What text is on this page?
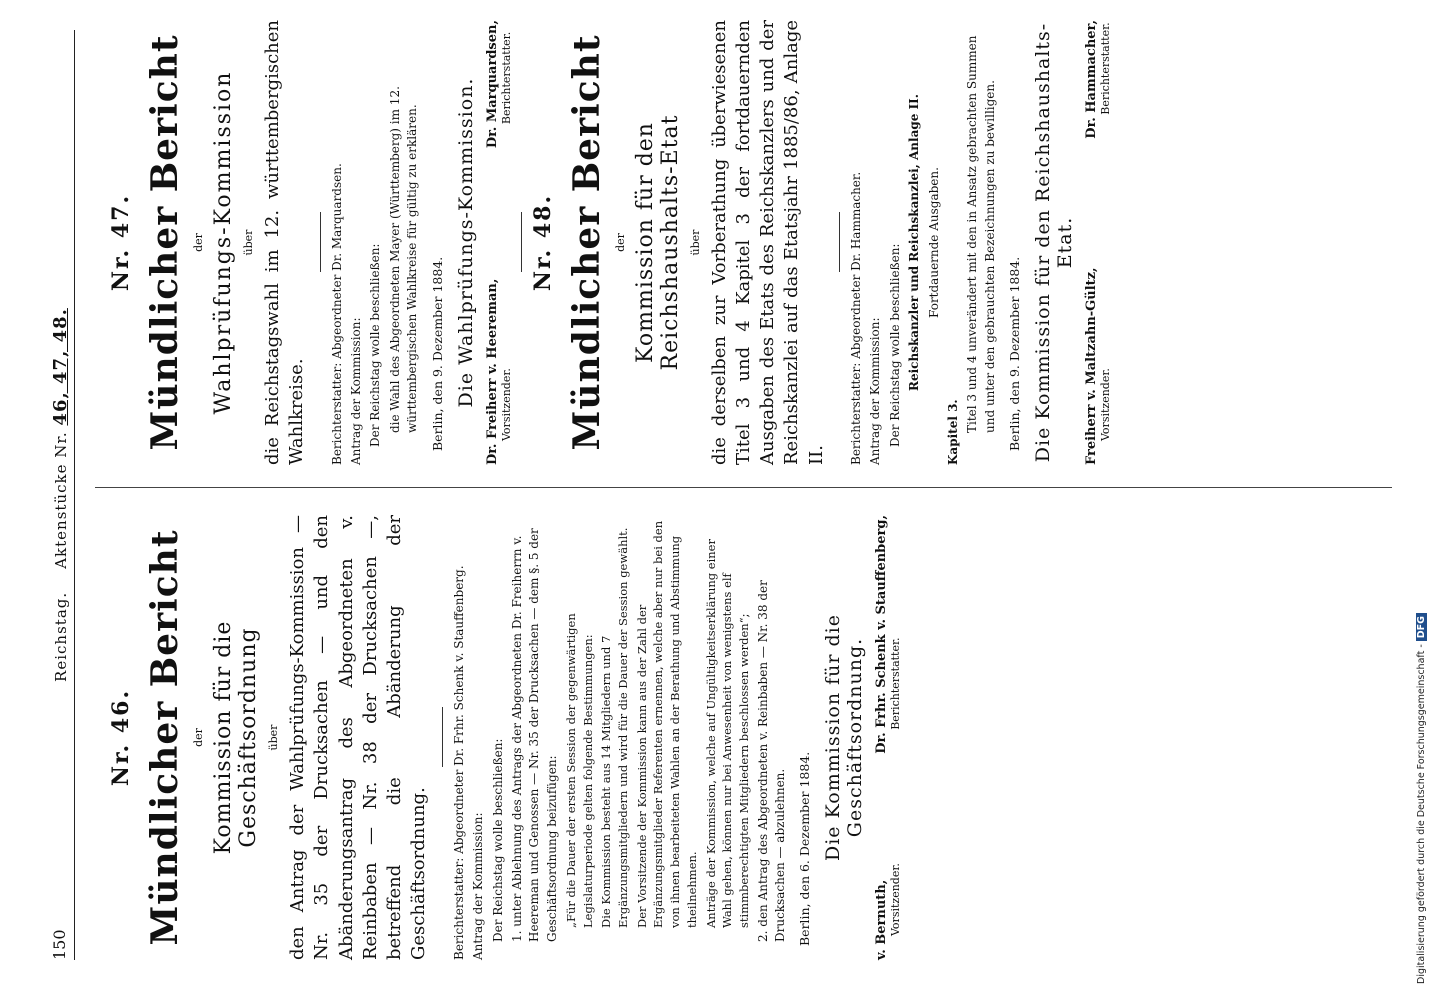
150
Reichstag.    Aktenstücke Nr. 46, 47, 48.
Nr. 46. Mündlicher Bericht der Kommission für die Geschäftsordnung über den Antrag der Wahlprüfungs-Kommission — Nr. 35 der Drucksachen — und den Abänderungsantrag des Abgeordneten v. Reinbaben — Nr. 38 der Drucksachen —, betreffend die Abänderung der Geschäftsordnung. Berichterstatter: Abgeordneter Dr. Frhr. Schenk v. Stauffenberg. Antrag der Kommission: Der Reichstag wolle beschließen: 1. unter Ablehnung des Antrags der Abgeordneten Dr. Freiherrn v. Heereman und Genossen — Nr. 35 der Drucksachen — dem §. 5 der Geschäftsordnung beizufügen: „Für die Dauer der ersten Session der gegenwärtigen Legislaturperiode gelten folgende Bestimmungen: Die Kommission besteht aus 14 Mitgliedern und 7 Ergänzungsmitgliedern und wird für die Dauer der Session gewählt. Der Vorsitzende der Kommission kann aus der Zahl der Ergänzungsmitglieder Referenten ernennen, welche aber nur bei den von ihnen bearbeiteten Wahlen an der Berathung und Abstimmung theilnehmen. Anträge der Kommission, welche auf Ungültigkeitserklärung einer Wahl gehen, können nur bei Anwesenheit von wenigstens elf stimmberechtigten Mitgliedern beschlossen werden“; 2. den Antrag des Abgeordneten v. Reinbaben — Nr. 38 der Drucksachen — abzulehnen. Berlin, den 6. Dezember 1884. Die Kommission für die Geschäftsordnung.
v. Bernuth, Vorsitzender.
Dr. Frhr. Schenk v. Stauffenberg, Berichterstatter.
Nr. 47. Mündlicher Bericht der Wahlprüfungs-Kommission über die Reichstagswahl im 12. württembergischen Wahlkreise. Berichterstatter: Abgeordneter Dr. Marquardsen. Antrag der Kommission: Der Reichstag wolle beschließen: die Wahl des Abgeordneten Mayer (Württemberg) im 12. württembergischen Wahlkreise für gültig zu erklären. Berlin, den 9. Dezember 1884. Die Wahlprüfungs-Kommission. Dr. Freiherr v. Heereman, Vorsitzender.
Dr. Marquardsen, Berichterstatter.
Nr. 48. Mündlicher Bericht der Kommission für den Reichshaushalts-Etat über die derselben zur Vorberathung überwiesenen Titel 3 und 4 Kapitel 3 der fortdauernden Ausgaben des Etats des Reichskanzlers und der Reichskanzlei auf das Etatsjahr 1885/86, Anlage II. Berichterstatter: Abgeordneter Dr. Hammacher. Antrag der Kommission: Der Reichstag wolle beschließen: Reichskanzler und Reichskanzlei, Anlage II. Fortdauernde Ausgaben.

Kapitel 3. Titel 3 und 4 unverändert mit den in Ansatz gebrachten Summen und unter den gebrauchten Bezeichnungen zu bewilligen. Berlin, den 9. Dezember 1884. Die Kommission für den Reichshaushalts-Etat.
Freiherr v. Maltzahn-Gültz, Vorsitzender.
Dr. Hammacher, Berichterstatter.
Digitalisierung gefördert durch die Deutsche Forschungsgemeinschaft - DFG
